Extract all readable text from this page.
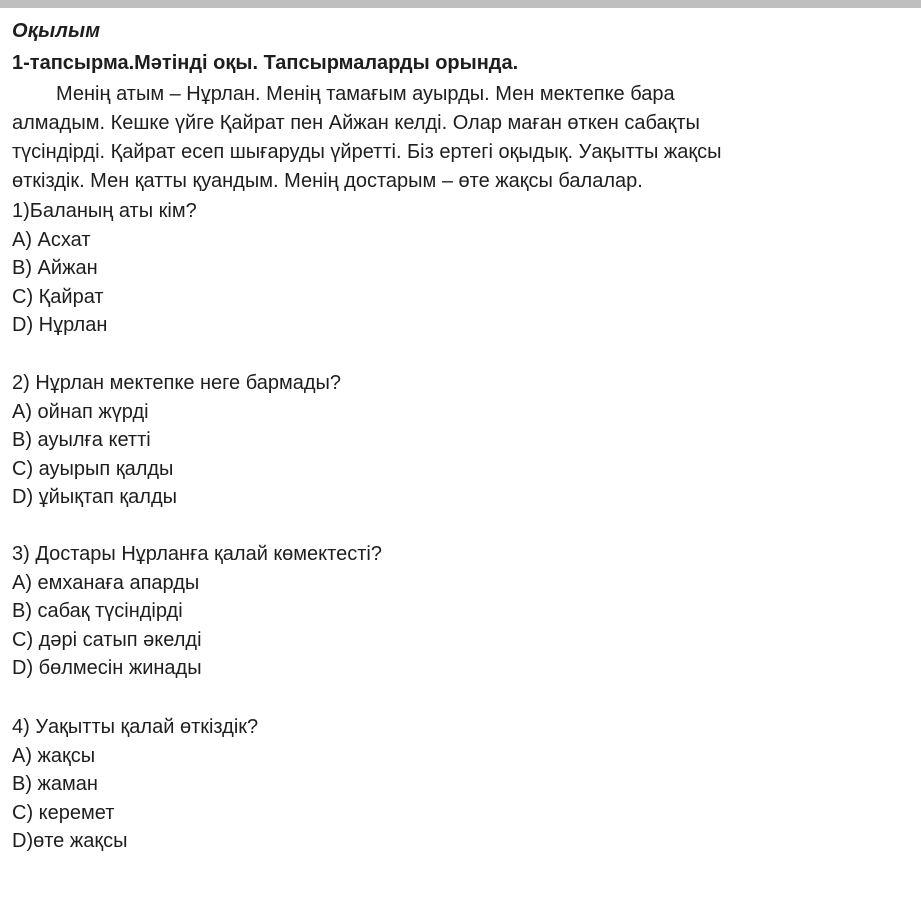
Оқылым
1-тапсырма.Мәтінді оқы. Тапсырмаларды орында.

Менің атым – Нұрлан. Менің тамағым ауырды. Мен мектепке бара
алмадым. Кешке үйге Қайрат пен Айжан келді. Олар маған өткен сабақты
түсіндірді. Қайрат есеп шығаруды үйретті. Біз ертегі оқыдық. Уақытты жақсы
өткіздік. Мен қатты қуандым. Менің достарым – өте жақсы балалар.

1)Баланың аты кім?
А) Асхат
В) Айжан
С) Қайрат
D) Нұрлан
2) Нұрлан мектепке неге бармады?
А) ойнап жүрді
В) ауылға кетті
С) ауырып қалды
D) ұйықтап қалды
3) Достары Нұрланға қалай көмектесті?
А) емханаға апарды
В) сабақ түсіндірді
С) дәрі сатып әкелді
D) бөлмесін жинады
4) Уақытты қалай өткіздік?
А) жақсы
В) жаман
С) керемет
D)өте жақсы
